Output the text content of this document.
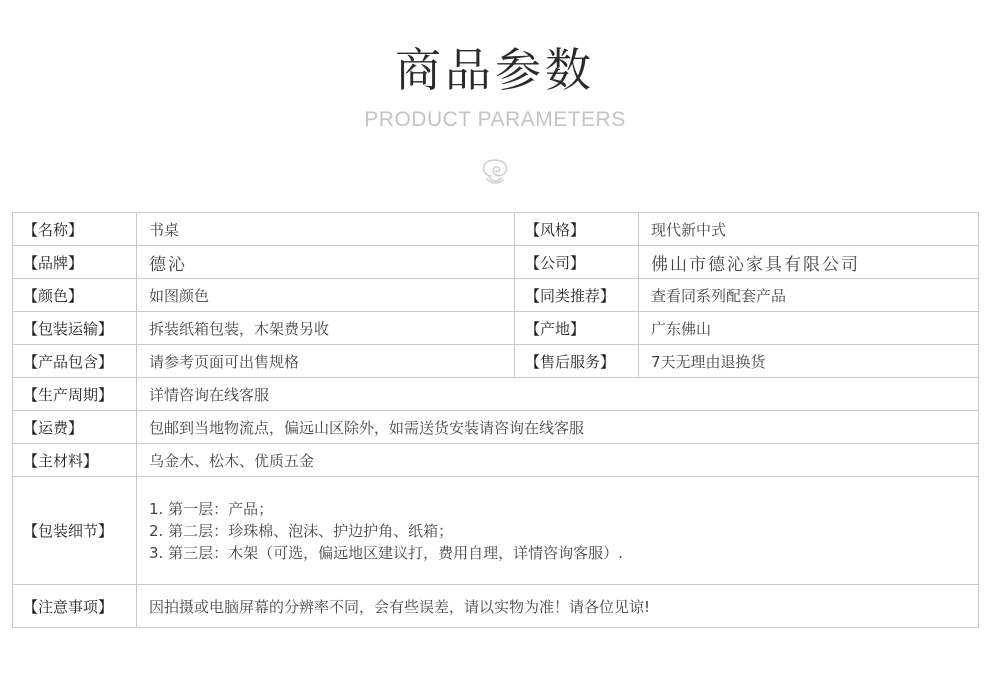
商品参数
PRODUCT PARAMETERS
【名称】	书桌	【风格】	现代新中式
【品牌】	德沁	【公司】	佛山市德沁家具有限公司
【颜色】	如图颜色	【同类推荐】	查看同系列配套产品
【包装运输】	拆装纸箱包装，木架费另收	【产地】	广东佛山
【产品包含】	请参考页面可出售规格	【售后服务】	7天无理由退换货
【生产周期】	详情咨询在线客服		
【运费】	包邮到当地物流点，偏远山区除外，如需送货安装请咨询在线客服		
【主材料】	乌金木、松木、优质五金		
【包装细节】	1. 第一层：产品；
2. 第二层：珍珠棉、泡沫、护边护角、纸箱；
3. 第三层：木架（可选，偏远地区建议打，费用自理，详情咨询客服）.		

【注意事项】	因拍摄或电脑屏幕的分辨率不同，会有些误差，请以实物为准！请各位见谅!		
